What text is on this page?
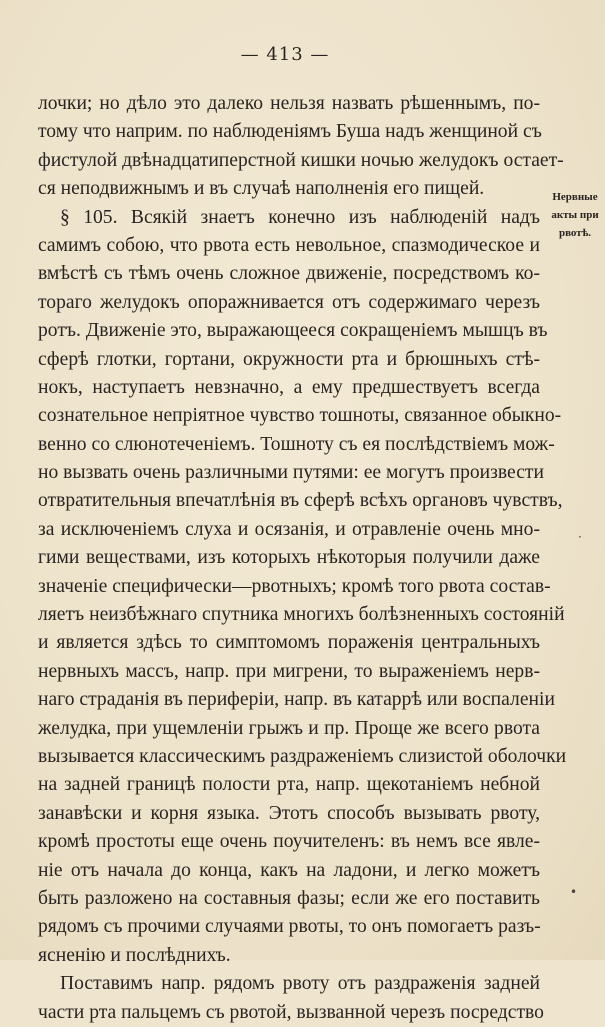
— 413 —
лочки; но дѣло это далеко нельзя назвать рѣшеннымъ, по-
тому что наприм. по наблюденiямъ Буша надъ женщиной съ
фистулой двѣнадцатиперстной кишки ночью желудокъ остает-
ся неподвижнымъ и въ случаѣ наполненiя его пищей.
§ 105. Всякiй знаетъ конечно изъ наблюденiй надъ
самимъ собою, что рвота есть невольное, спазмодическое и
вмѣстѣ съ тѣмъ очень сложное движенiе, посредствомъ ко-
тораго желудокъ опоражнивается отъ содержимаго черезъ
ротъ. Движенiе это, выражающееся сокращенiемъ мышцъ въ
сферѣ глотки, гортани, окружности рта и брюшныхъ стѣ-
нокъ, наступаетъ невзначно, а ему предшествуетъ всегда
сознательное непрiятное чувство тошноты, связанное обыкно-
венно со слюнотеченiемъ. Тошноту съ ея послѣдствiемъ мож-
но вызвать очень различными путями: ее могутъ произвести
отвратительныя впечатлѣнiя въ сферѣ всѣхъ органовъ чувствъ,
за исключенiемъ слуха и осязанiя, и отравленiе очень мно-
гими веществами, изъ которыхъ нѣкоторыя получили даже
значенiе специфически—рвотныхъ; кромѣ того рвота состав-
ляетъ неизбѣжнаго спутника многихъ болѣзненныхъ состоянiй
и является здѣсь то симптомомъ пораженiя центральныхъ
нервныхъ массъ, напр. при мигрени, то выраженiемъ нерв-
наго страданiя въ периферiи, напр. въ катаррѣ или воспаленiи
желудка, при ущемленiи грыжъ и пр. Проще же всего рвота
вызывается классическимъ раздраженiемъ слизистой оболочки
на задней границѣ полости рта, напр. щекотанiемъ небной
занавѣски и корня языка. Этотъ способъ вызывать рвоту,
кромѣ простоты еще очень поучителенъ: въ немъ все явле-
нiе отъ начала до конца, какъ на ладони, и легко можетъ
быть разложено на составныя фазы; если же его поставить
рядомъ съ прочими случаями рвоты, то онъ помогаетъ разъ-
ясненiю и послѣднихъ.
Поставимъ напр. рядомъ рвоту отъ раздраженiя задней
части рта пальцемъ съ рвотой, вызванной черезъ посредство
Нервные
акты при
рвотѣ.
·
•
